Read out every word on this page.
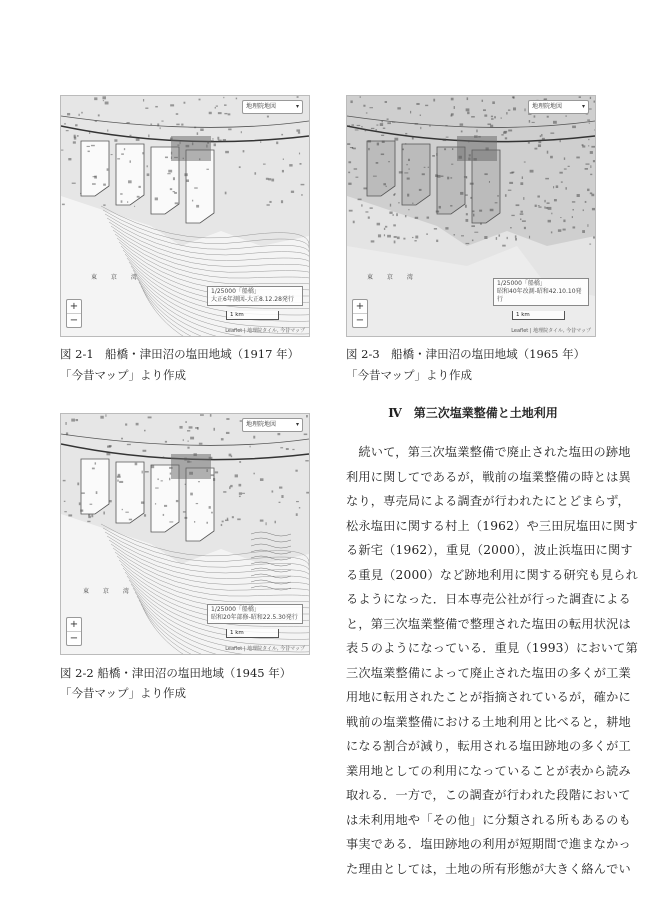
東 京 湾
地理院地図	▾
+
−
1/25000「船橋」
大正6年測図-大正8.12.28発行
1 km
Leaflet | 地理院タイル, 今昔マップ
図 2-1　船橋・津田沼の塩田地域（1917 年）
「今昔マップ」より作成
東 京 湾
地理院地図	▾
+
−
1/25000「船橋」
昭和40年改測-昭和42.10.10発行
1 km
Leaflet | 地理院タイル, 今昔マップ
図 2-3　船橋・津田沼の塩田地域（1965 年）
「今昔マップ」より作成
東 京 湾
地理院地図	▾
+
−
1/25000「船橋」
昭和20年部修-昭和22.5.30発行
1 km
Leaflet | 地理院タイル, 今昔マップ
図 2-2 船橋・津田沼の塩田地域（1945 年）
「今昔マップ」より作成
Ⅳ　第三次塩業整備と土地利用
　続いて，第三次塩業整備で廃止された塩田の跡地
利用に関してであるが，戦前の塩業整備の時とは異
なり，専売局による調査が行われたにとどまらず，
松永塩田に関する村上（1962）や三田尻塩田に関す
る新宅（1962），重見（2000），波止浜塩田に関す
る重見（2000）など跡地利用に関する研究も見られ
るようになった．日本専売公社が行った調査による
と，第三次塩業整備で整理された塩田の転用状況は
表５のようになっている．重見（1993）において第
三次塩業整備によって廃止された塩田の多くが工業
用地に転用されたことが指摘されているが，確かに
戦前の塩業整備における土地利用と比べると，耕地
になる割合が減り，転用される塩田跡地の多くが工
業用地としての利用になっていることが表から読み
取れる．一方で，この調査が行われた段階において
は未利用地や「その他」に分類される所もあるのも
事実である．塩田跡地の利用が短期間で進まなかっ
た理由としては，土地の所有形態が大きく絡んでい
